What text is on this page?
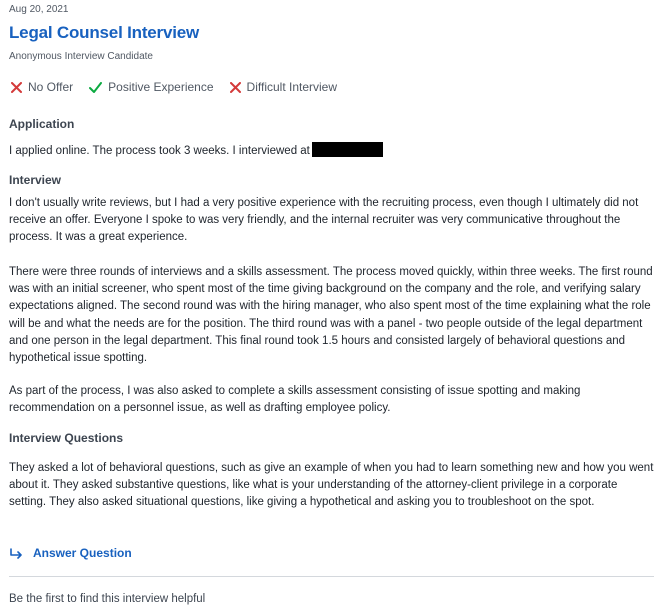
Aug 20, 2021
Legal Counsel Interview
Anonymous Interview Candidate
No Offer	Positive Experience	Difficult Interview
Application
I applied online. The process took 3 weeks. I interviewed at
Interview
I don't usually write reviews, but I had a very positive experience with the recruiting process, even though I ultimately did not receive an offer. Everyone I spoke to was very friendly, and the internal recruiter was very communicative throughout the process. It was a great experience.
There were three rounds of interviews and a skills assessment. The process moved quickly, within three weeks. The first round was with an initial screener, who spent most of the time giving background on the company and the role, and verifying salary expectations aligned. The second round was with the hiring manager, who also spent most of the time explaining what the role will be and what the needs are for the position. The third round was with a panel - two people outside of the legal department and one person in the legal department. This final round took 1.5 hours and consisted largely of behavioral questions and hypothetical issue spotting.
As part of the process, I was also asked to complete a skills assessment consisting of issue spotting and making recommendation on a personnel issue, as well as drafting employee policy.
Interview Questions
They asked a lot of behavioral questions, such as give an example of when you had to learn something new and how you went about it. They asked substantive questions, like what is your understanding of the attorney-client privilege in a corporate setting. They also asked situational questions, like giving a hypothetical and asking you to troubleshoot on the spot.
Answer Question
Be the first to find this interview helpful
